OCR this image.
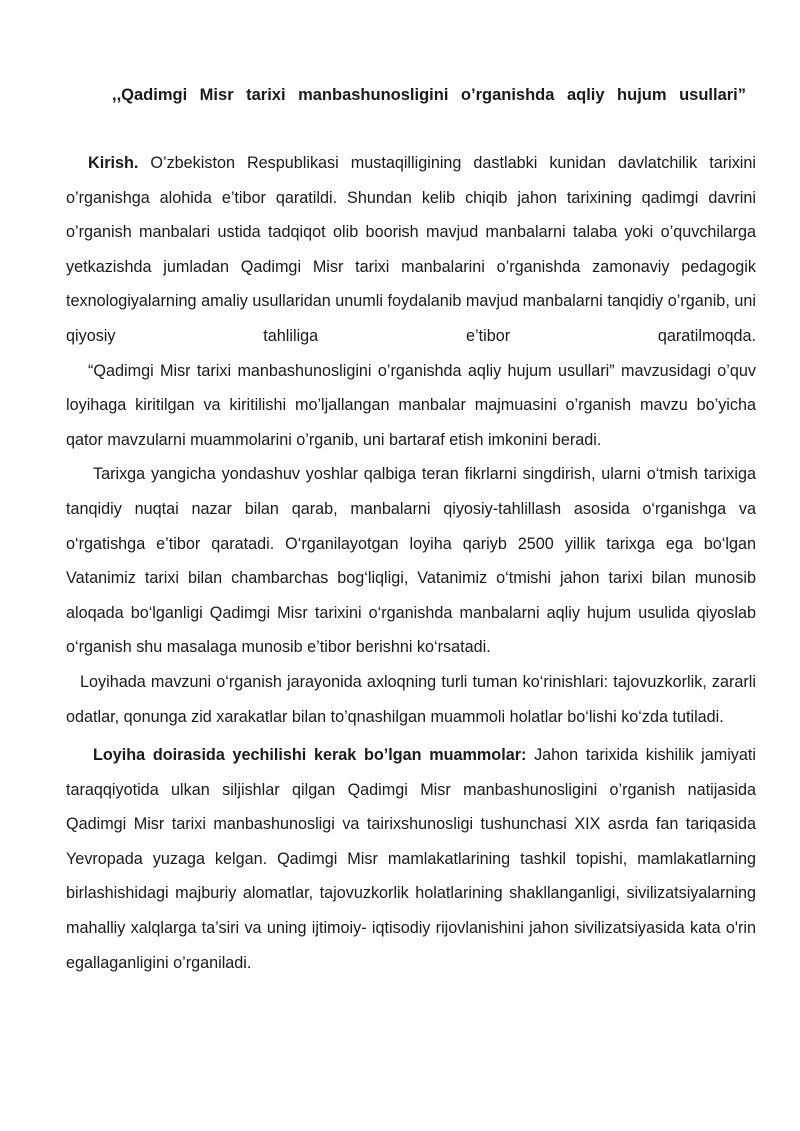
,,Qadimgi Misr tarixi manbashunosligini o’rganishda aqliy hujum usullari”

Kirish. O’zbekiston Respublikasi mustaqilligining dastlabki kunidan davlatchilik tarixini o’rganishga alohida e’tibor qaratildi. Shundan kelib chiqib jahon tarixining qadimgi davrini o’rganish manbalari ustida tadqiqot olib boorish mavjud manbalarni talaba yoki o’quvchilarga yetkazishda jumladan Qadimgi Misr tarixi manbalarini o’rganishda zamonaviy pedagogik texnologiyalarning amaliy usullaridan unumli foydalanib mavjud manbalarni tanqidiy o’rganib, uni qiyosiy tahliliga e’tibor qaratilmoqda.

“Qadimgi Misr tarixi manbashunosligini o’rganishda aqliy hujum usullari” mavzusidagi o’quv loyihaga kiritilgan va kiritilishi mo’ljallangan manbalar majmuasini o’rganish mavzu bo’yicha qator mavzularni muammolarini o’rganib, uni bartaraf etish imkonini beradi.

Tarixga yangicha yondashuv yoshlar qalbiga teran fikrlarni singdirish, ularni o‘tmish tarixiga tanqidiy nuqtai nazar bilan qarab, manbalarni qiyosiy-tahlillash asosida o‘rganishga va o‘rgatishga e’tibor qaratadi. O‘rganilayotgan loyiha qariyb 2500 yillik tarixga ega bo‘lgan Vatanimiz tarixi bilan chambarchas bog‘liqligi, Vatanimiz o‘tmishi jahon tarixi bilan munosib aloqada bo‘lganligi Qadimgi Misr tarixini o‘rganishda manbalarni aqliy hujum usulida qiyoslab o‘rganish shu masalaga munosib e’tibor berishni ko‘rsatadi.

Loyihada mavzuni o‘rganish jarayonida axloqning turli tuman ko‘rinishlari: tajovuzkorlik, zararli odatlar, qonunga zid xarakatlar bilan to’qnashilgan muammoli holatlar bo‘lishi ko‘zda tutiladi.

Loyiha doirasida yechilishi kerak bo’lgan muammolar: Jahon tarixida kishilik jamiyati taraqqiyotida ulkan siljishlar qilgan Qadimgi Misr manbashunosligini o’rganish natijasida Qadimgi Misr tarixi manbashunosligi va tairixshunosligi tushunchasi XIX asrda fan tariqasida Yevropada yuzaga kelgan. Qadimgi Misr mamlakatlarining tashkil topishi, mamlakatlarning birlashishidagi majburiy alomatlar, tajovuzkorlik holatlarining shakllanganligi, sivilizatsiyalarning mahalliy xalqlarga ta’siri va uning ijtimoiy- iqtisodiy rijovlanishini jahon sivilizatsiyasida kata o'rin egallaganligini o’rganiladi.
